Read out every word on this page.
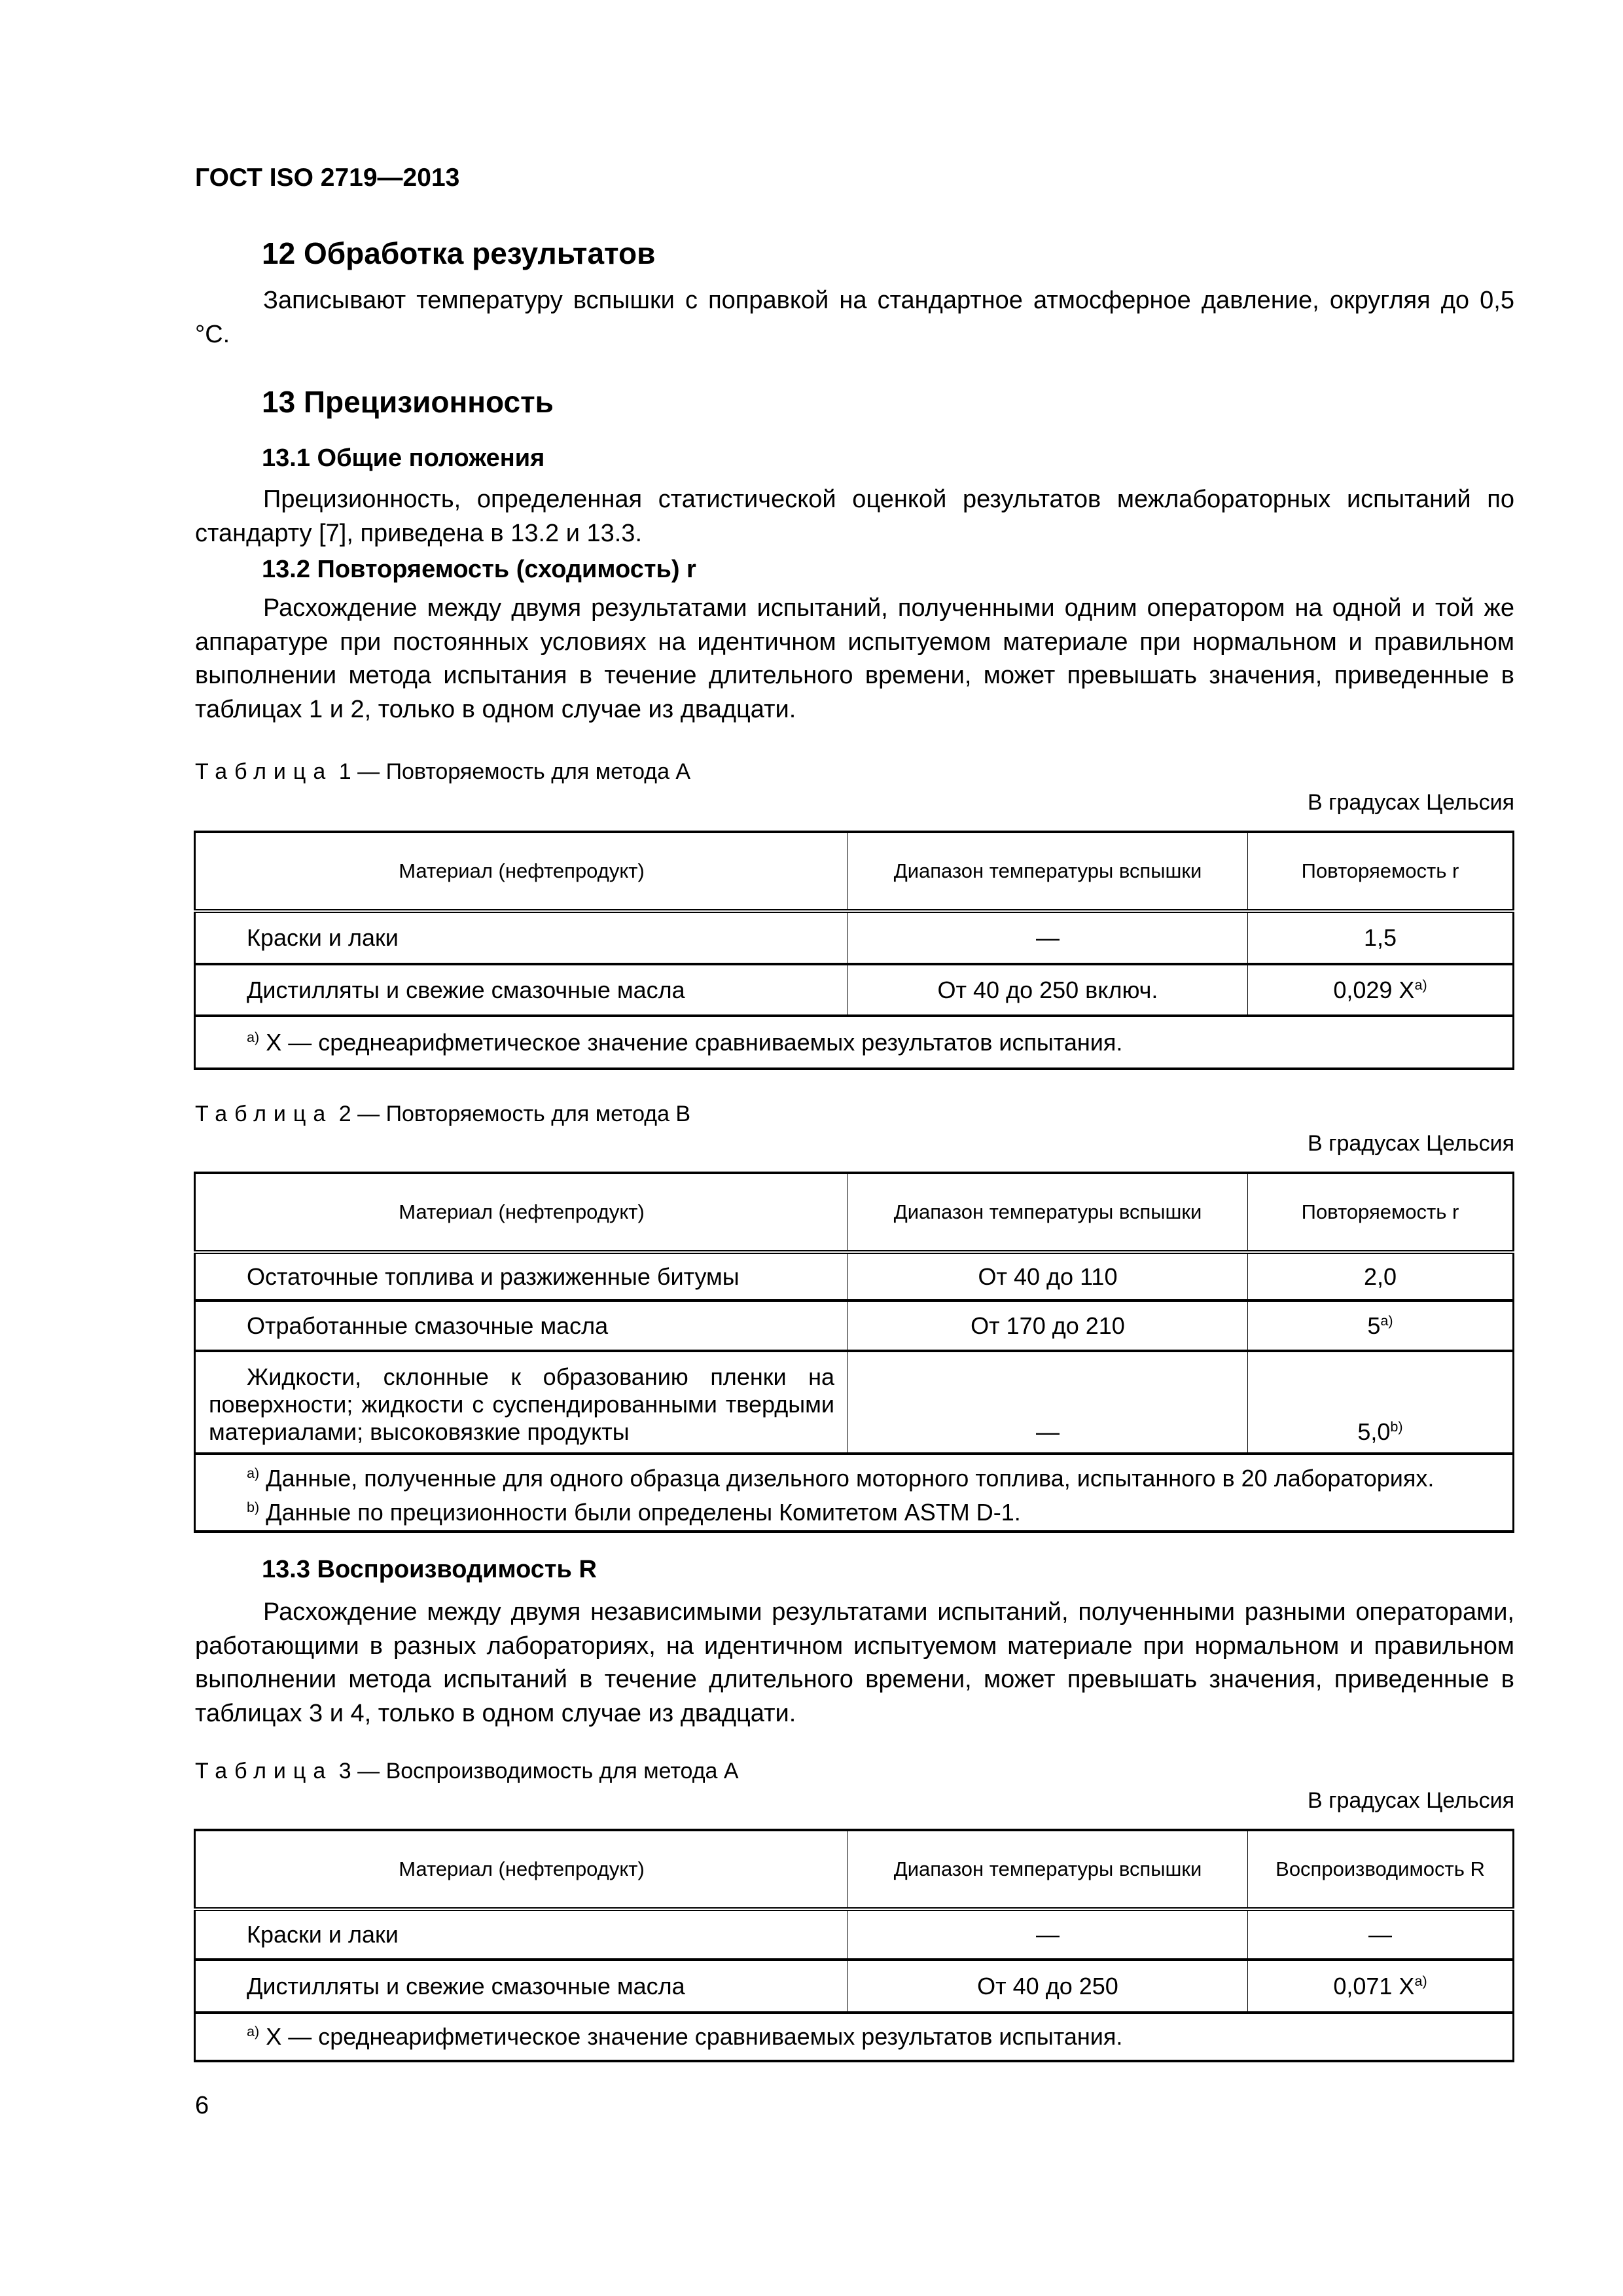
ГОСТ ISO 2719—2013
12 Обработка результатов
Записывают температуру вспышки с поправкой на стандартное атмосферное давление, округляя до 0,5 °С.
13 Прецизионность
13.1 Общие положения
Прецизионность, определенная статистической оценкой результатов межлабораторных испытаний по стандарту [7], приведена в 13.2 и 13.3.
13.2 Повторяемость (сходимость) r
Расхождение между двумя результатами испытаний, полученными одним оператором на одной и той же аппаратуре при постоянных условиях на идентичном испытуемом материале при нормальном и правильном выполнении метода испытания в течение длительного времени, может превышать значения, приведенные в таблицах 1 и 2, только в одном случае из двадцати.
Таблица 1 — Повторяемость для метода А
В градусах Цельсия
Материал (нефтепродукт)	Диапазон температуры вспышки	Повторяемость r
Краски и лаки	—	1,5
Дистилляты и свежие смазочные масла	От 40 до 250 включ.	0,029 $X^{a)}$
$^{a)}$ X — среднеарифметическое значение сравниваемых результатов испытания.		
Таблица 2 — Повторяемость для метода В
В градусах Цельсия
Материал (нефтепродукт)	Диапазон температуры вспышки	Повторяемость r
Остаточные топлива и разжиженные битумы	От 40 до 110	2,0
Отработанные смазочные масла	От 170 до 210	5$^{a)}$
Жидкости, склонные к образованию пленки на поверхности; жидкости с суспендированными твердыми материалами; высоковязкие продукты	—	5,0$^{b)}$

$^{a)}$ Данные, полученные для одного образца дизельного моторного топлива, испытанного в 20 лабораториях.
$^{b)}$ Данные по прецизионности были определены Комитетом ASTM D-1.		
13.3 Воспроизводимость R
Расхождение между двумя независимыми результатами испытаний, полученными разными операторами, работающими в разных лабораториях, на идентичном испытуемом материале при нормальном и правильном выполнении метода испытаний в течение длительного времени, может превышать значения, приведенные в таблицах 3 и 4, только в одном случае из двадцати.
Таблица 3 — Воспроизводимость для метода А
В градусах Цельсия
Материал (нефтепродукт)	Диапазон температуры вспышки	Воспроизводимость R
Краски и лаки	—	—
Дистилляты и свежие смазочные масла	От 40 до 250	0,071 $X^{a)}$
$^{a)}$ X — среднеарифметическое значение сравниваемых результатов испытания.		
6
